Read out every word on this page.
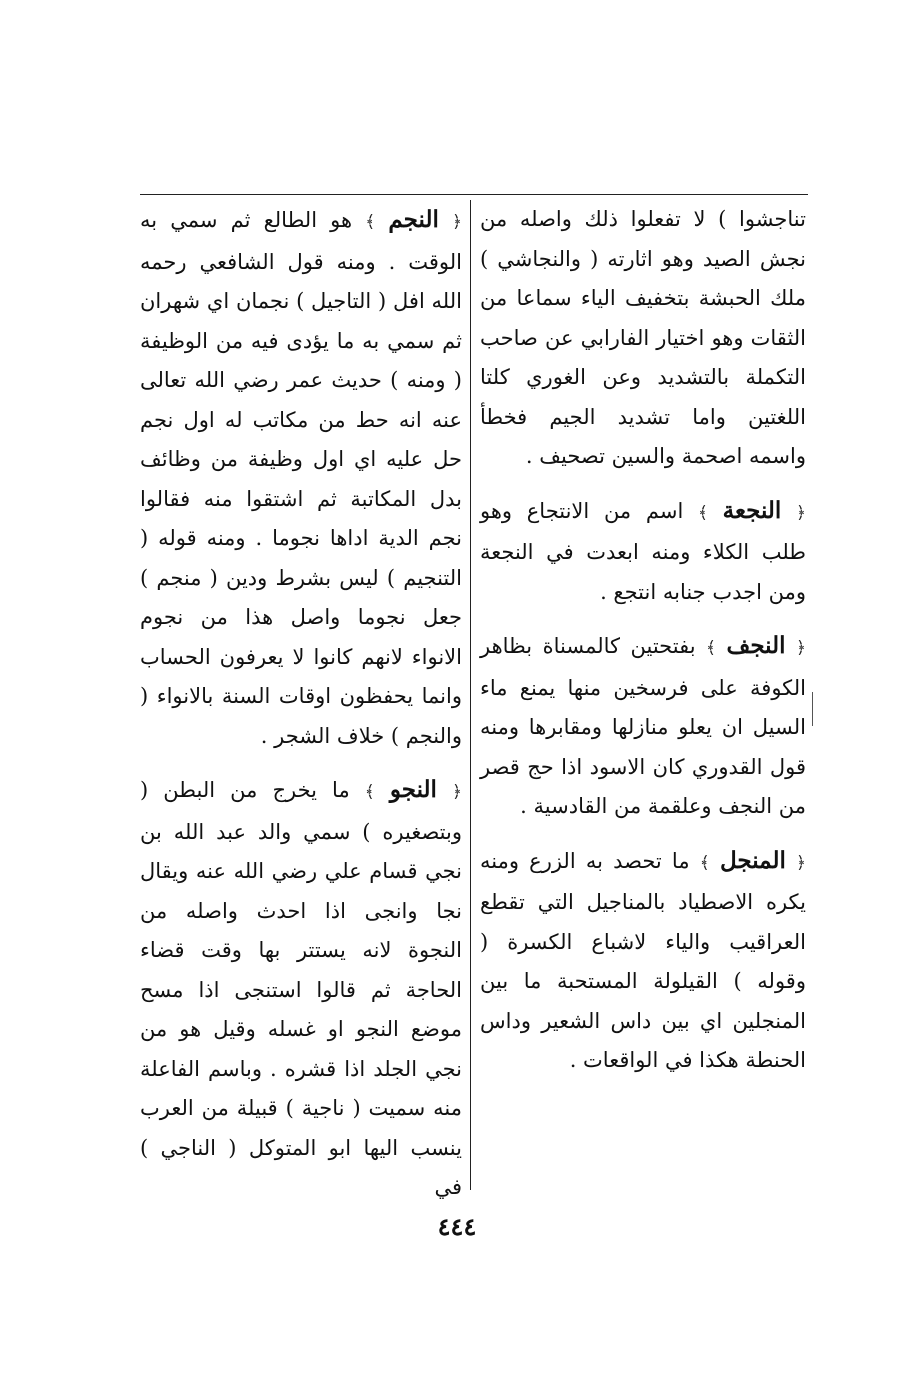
تناجشوا ) لا تفعلوا ذلك واصله من نجش الصيد وهو اثارته ( والنجاشي ) ملك الحبشة بتخفيف الياء سماعا من الثقات وهو اختيار الفارابي عن صاحب التكملة بالتشديد وعن الغوري كلتا اللغتين واما تشديد الجيم فخطأ واسمه اصحمة والسين تصحيف .

﴿ النجعة ﴾ اسم من الانتجاع وهو طلب الكلاء ومنه ابعدت في النجعة ومن اجدب جنابه انتجع .

﴿ النجف ﴾ بفتحتين كالمسناة بظاهر الكوفة على فرسخين منها يمنع ماء السيل ان يعلو منازلها ومقابرها ومنه قول القدوري كان الاسود اذا حج قصر من النجف وعلقمة من القادسية .

﴿ المنجل ﴾ ما تحصد به الزرع ومنه يكره الاصطياد بالمناجيل التي تقطع العراقيب والياء لاشباع الكسرة ( وقوله ) القيلولة المستحبة ما بين المنجلين اي بين داس الشعير وداس الحنطة هكذا في الواقعات .

﴿ النجم ﴾ هو الطالع ثم سمي به الوقت . ومنه قول الشافعي رحمه الله افل ( التاجيل ) نجمان اي شهران ثم سمي به ما يؤدى فيه من الوظيفة ( ومنه ) حديث عمر رضي الله تعالى عنه انه حط من مكاتب له اول نجم حل عليه اي اول وظيفة من وظائف بدل المكاتبة ثم اشتقوا منه فقالوا نجم الدية اداها نجوما . ومنه قوله ( التنجيم ) ليس بشرط ودين ( منجم ) جعل نجوما واصل هذا من نجوم الانواء لانهم كانوا لا يعرفون الحساب وانما يحفظون اوقات السنة بالانواء ( والنجم ) خلاف الشجر .

﴿ النجو ﴾ ما يخرج من البطن ( وبتصغيره ) سمي والد عبد الله بن نجي قسام علي رضي الله عنه ويقال نجا وانجى اذا احدث واصله من النجوة لانه يستتر بها وقت قضاء الحاجة ثم قالوا استنجى اذا مسح موضع النجو او غسله وقيل هو من نجي الجلد اذا قشره . وباسم الفاعلة منه سميت ( ناجية ) قبيلة من العرب ينسب اليها ابو المتوكل ( الناجي ) في

٤٤٤
